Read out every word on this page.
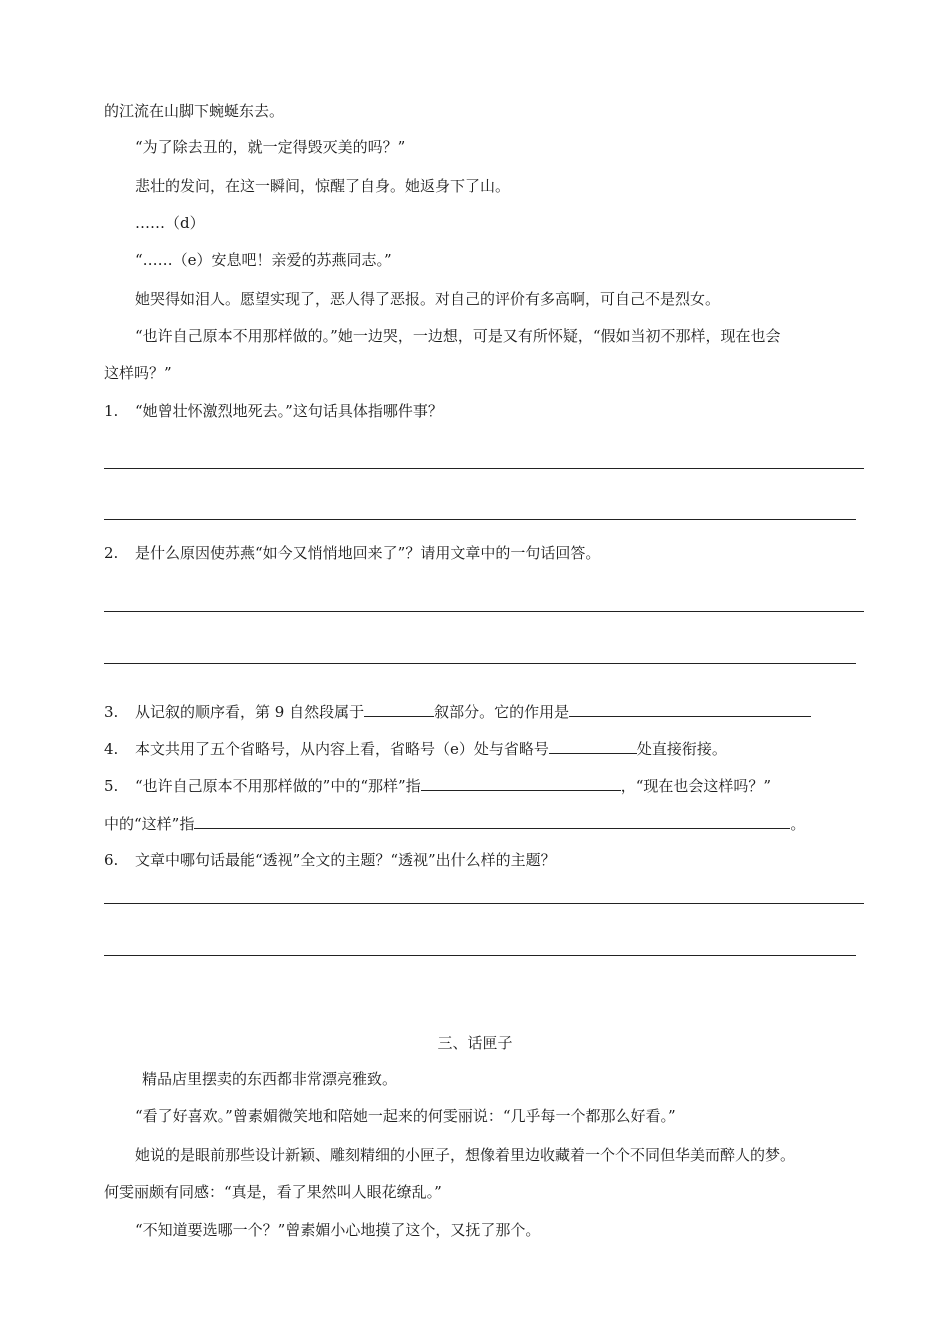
的江流在山脚下蜿蜒东去。
“为了除去丑的，就一定得毁灭美的吗？”
悲壮的发问，在这一瞬间，惊醒了自身。她返身下了山。
……（d）
“……（e）安息吧！亲爱的苏燕同志。”
她哭得如泪人。愿望实现了，恶人得了恶报。对自己的评价有多高啊，可自己不是烈女。
“也许自己原本不用那样做的。”她一边哭，一边想，可是又有所怀疑，“假如当初不那样，现在也会
这样吗？”
1. “她曾壮怀激烈地死去。”这句话具体指哪件事？
2. 是什么原因使苏燕“如今又悄悄地回来了”？请用文章中的一句话回答。
3. 从记叙的顺序看，第 9 自然段属于	叙部分。它的作用是
4. 本文共用了五个省略号，从内容上看，省略号（e）处与省略号	处直接衔接。
5. “也许自己原本不用那样做的”中的“那样”指	，“现在也会这样吗？”
中的“这样”指	。
6. 文章中哪句话最能“透视”全文的主题？“透视”出什么样的主题？
三、话匣子
精品店里摆卖的东西都非常漂亮雅致。
“看了好喜欢。”曾素媚微笑地和陪她一起来的何雯丽说：“几乎每一个都那么好看。”
她说的是眼前那些设计新颖、雕刻精细的小匣子，想像着里边收藏着一个个不同但华美而醉人的梦。
何雯丽颇有同感：“真是，看了果然叫人眼花缭乱。”
“不知道要选哪一个？”曾素媚小心地摸了这个，又抚了那个。
